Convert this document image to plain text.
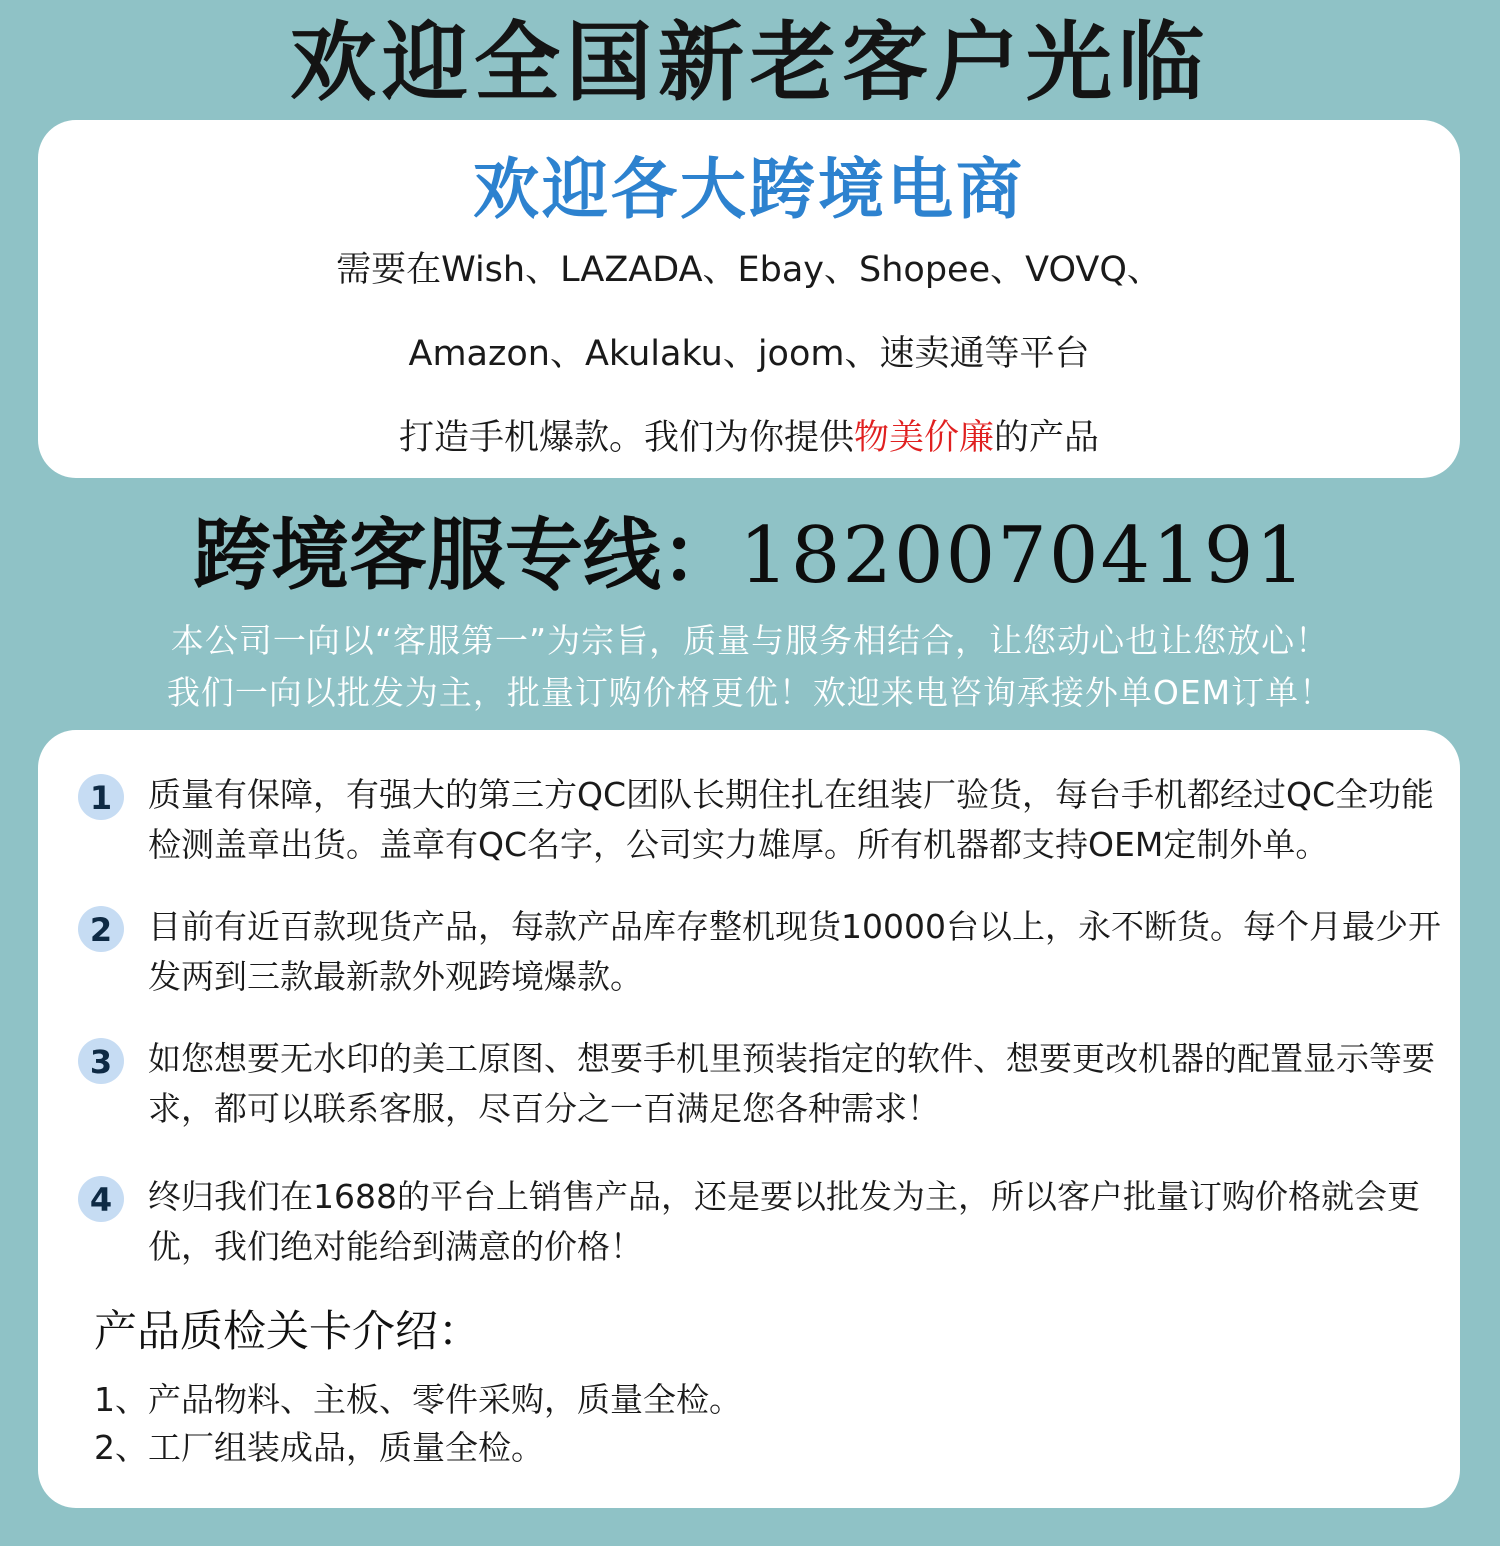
欢迎全国新老客户光临
欢迎各大跨境电商
需要在Wish、LAZADA、Ebay、Shopee、VOVQ、
Amazon、Akulaku、joom、速卖通等平台
打造手机爆款。我们为你提供物美价廉的产品
跨境客服专线：18200704191
本公司一向以“客服第一”为宗旨，质量与服务相结合，让您动心也让您放心！
我们一向以批发为主，批量订购价格更优！欢迎来电咨询承接外单OEM订单！
1	质量有保障，有强大的第三方QC团队长期住扎在组装厂验货，每台手机都经过QC全功能检测盖章出货。盖章有QC名字，公司实力雄厚。所有机器都支持OEM定制外单。
2	目前有近百款现货产品，每款产品库存整机现货10000台以上，永不断货。每个月最少开发两到三款最新款外观跨境爆款。
3	如您想要无水印的美工原图、想要手机里预装指定的软件、想要更改机器的配置显示等要求，都可以联系客服，尽百分之一百满足您各种需求！
4	终归我们在1688的平台上销售产品，还是要以批发为主，所以客户批量订购价格就会更优，我们绝对能给到满意的价格！
产品质检关卡介绍：
1、产品物料、主板、零件采购，质量全检。
2、工厂组装成品，质量全检。
